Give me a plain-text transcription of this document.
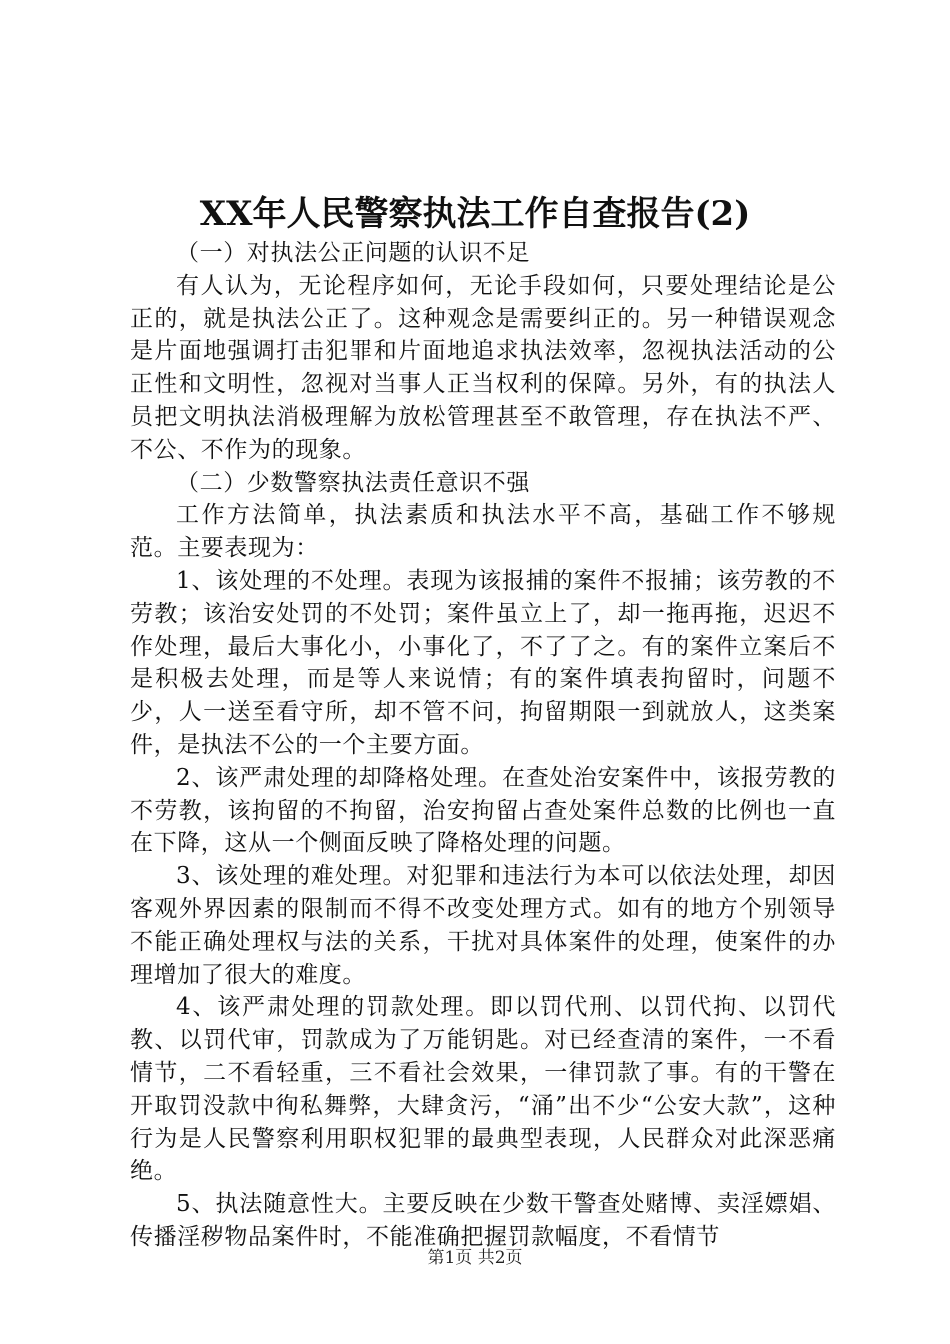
XX年人民警察执法工作自查报告(2)

（一）对执法公正问题的认识不足

有人认为，无论程序如何，无论手段如何，只要处理结论是公正的，就是执法公正了。这种观念是需要纠正的。另一种错误观念是片面地强调打击犯罪和片面地追求执法效率，忽视执法活动的公正性和文明性，忽视对当事人正当权利的保障。另外，有的执法人员把文明执法消极理解为放松管理甚至不敢管理，存在执法不严、不公、不作为的现象。

（二）少数警察执法责任意识不强

工作方法简单，执法素质和执法水平不高，基础工作不够规范。主要表现为：

1、该处理的不处理。表现为该报捕的案件不报捕；该劳教的不劳教；该治安处罚的不处罚；案件虽立上了，却一拖再拖，迟迟不作处理，最后大事化小，小事化了，不了了之。有的案件立案后不是积极去处理，而是等人来说情；有的案件填表拘留时，问题不少，人一送至看守所，却不管不问，拘留期限一到就放人，这类案件，是执法不公的一个主要方面。

2、该严肃处理的却降格处理。在查处治安案件中，该报劳教的不劳教，该拘留的不拘留，治安拘留占查处案件总数的比例也一直在下降，这从一个侧面反映了降格处理的问题。

3、该处理的难处理。对犯罪和违法行为本可以依法处理，却因客观外界因素的限制而不得不改变处理方式。如有的地方个别领导不能正确处理权与法的关系，干扰对具体案件的处理，使案件的办理增加了很大的难度。

4、该严肃处理的罚款处理。即以罚代刑、以罚代拘、以罚代教、以罚代审，罚款成为了万能钥匙。对已经查清的案件，一不看情节，二不看轻重，三不看社会效果，一律罚款了事。有的干警在开取罚没款中徇私舞弊，大肆贪污，“涌”出不少“公安大款”，这种行为是人民警察利用职权犯罪的最典型表现，人民群众对此深恶痛绝。

5、执法随意性大。主要反映在少数干警查处赌博、卖淫嫖娼、传播淫秽物品案件时，不能准确把握罚款幅度，不看情节

第1页 共2页
